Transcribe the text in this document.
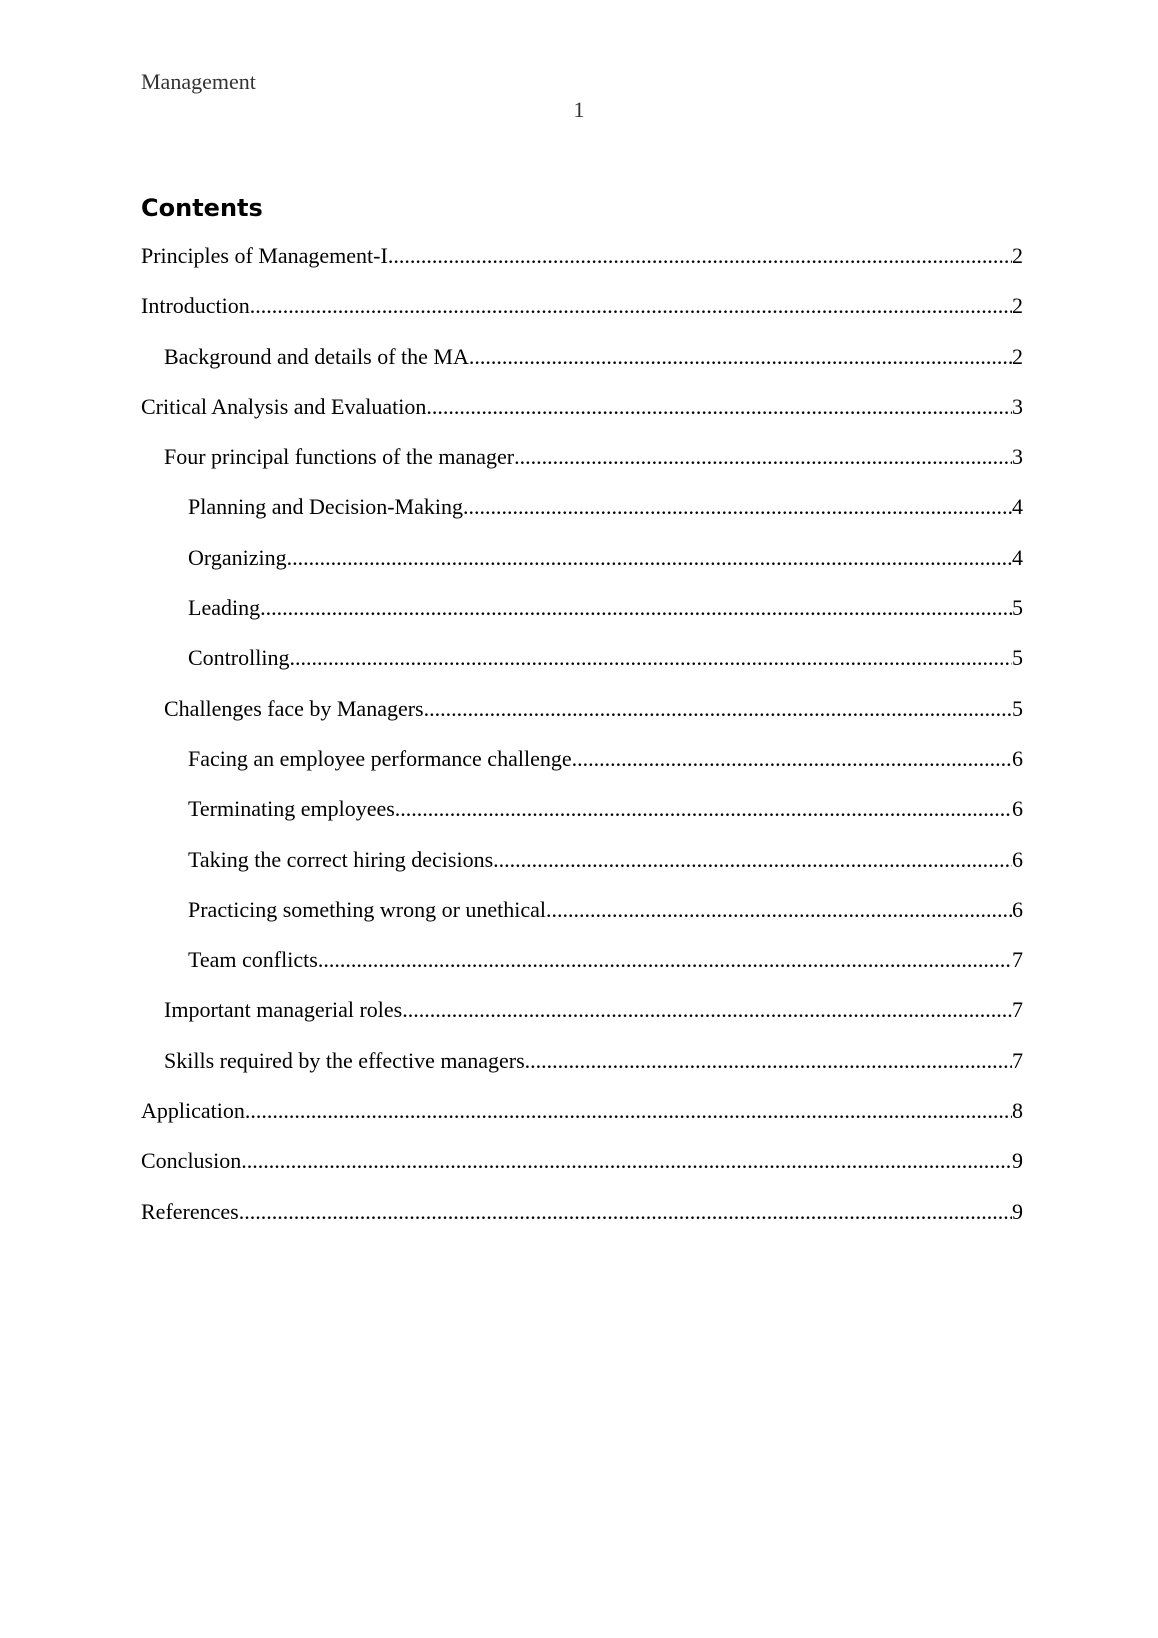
Management
1
Contents
Principles of Management-I .....	2
Introduction .....	2
Background and details of the MA .....	2
Critical Analysis and Evaluation .....	3
Four principal functions of the manager .....	3
Planning and Decision-Making .....	4
Organizing .....	4
Leading .....	5
Controlling .....	5
Challenges face by Managers .....	5
Facing an employee performance challenge .....	6
Terminating employees .....	6
Taking the correct hiring decisions .....	6
Practicing something wrong or unethical .....	6
Team conflicts .....	7
Important managerial roles .....	7
Skills required by the effective managers .....	7
Application .....	8
Conclusion .....	9
References .....	9
